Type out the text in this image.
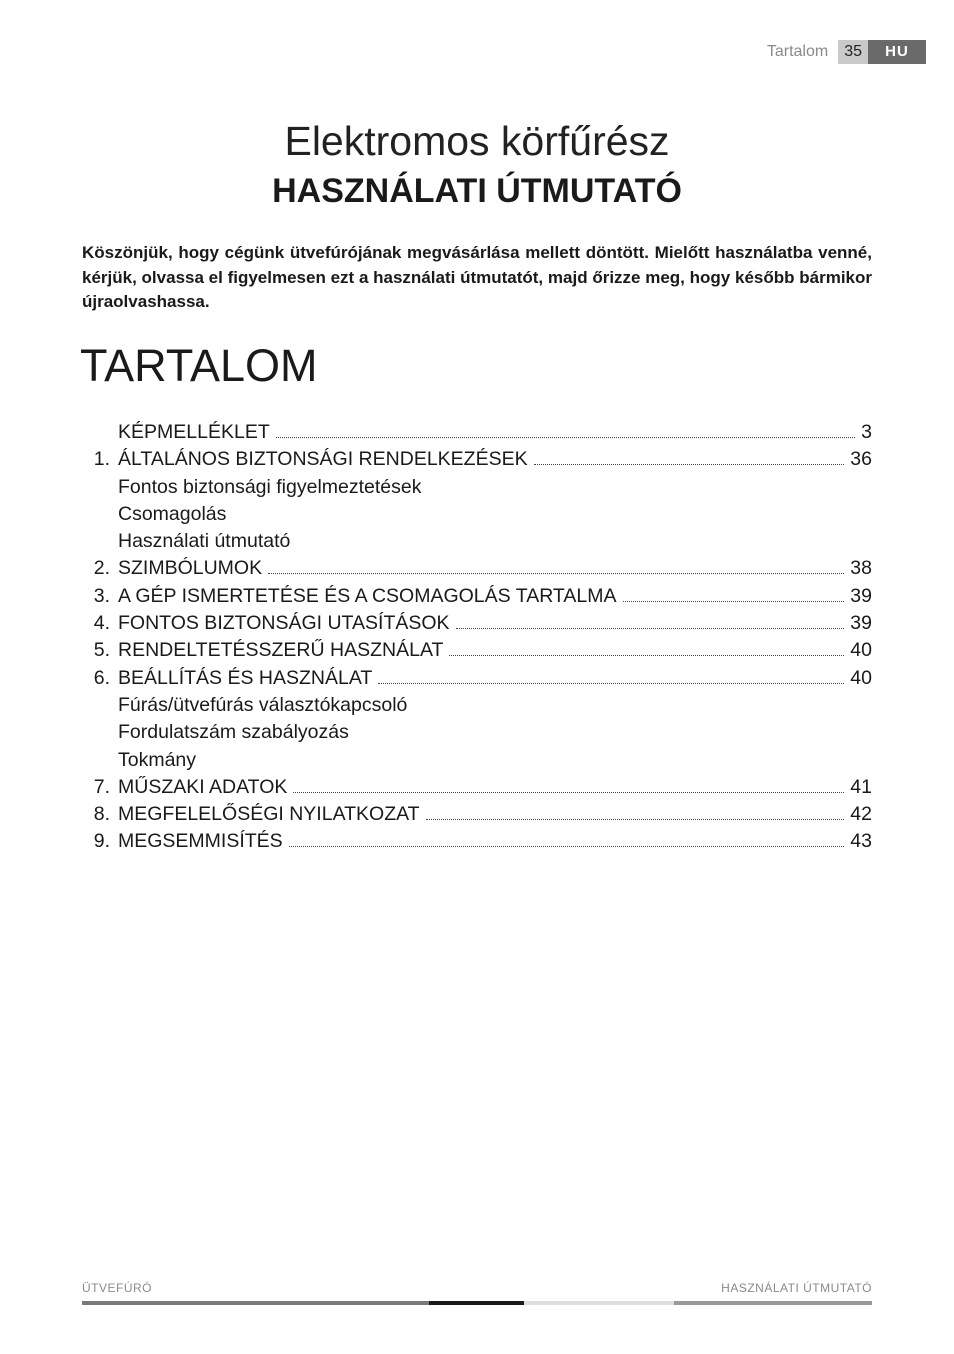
Tartalom	35	HU
Elektromos körfűrész
HASZNÁLATI ÚTMUTATÓ
Köszönjük, hogy cégünk ütvefúrójának megvásárlása mellett döntött. Mielőtt használatba venné, kérjük, olvassa el figyelmesen ezt a használati útmutatót, majd őrizze meg, hogy később bármikor újraolvashassa.
TARTALOM
KÉPMELLÉKLET	3
1. ÁLTALÁNOS BIZTONSÁGI RENDELKEZÉSEK	36
Fontos biztonsági figyelmeztetések
Csomagolás
Használati útmutató
2. SZIMBÓLUMOK	38
3. A GÉP ISMERTETÉSE ÉS A CSOMAGOLÁS TARTALMA	39
4. FONTOS BIZTONSÁGI UTASÍTÁSOK	39
5. RENDELTETÉSSZERŰ HASZNÁLAT	40
6. BEÁLLÍTÁS ÉS HASZNÁLAT	40
Fúrás/ütvefúrás választókapcsoló
Fordulatszám szabályozás
Tokmány
7. MŰSZAKI ADATOK	41
8. MEGFELELŐSÉGI NYILATKOZAT	42
9. MEGSEMMISÍTÉS	43
ÜTVEFÚRÓ	HASZNÁLATI ÚTMUTATÓ
